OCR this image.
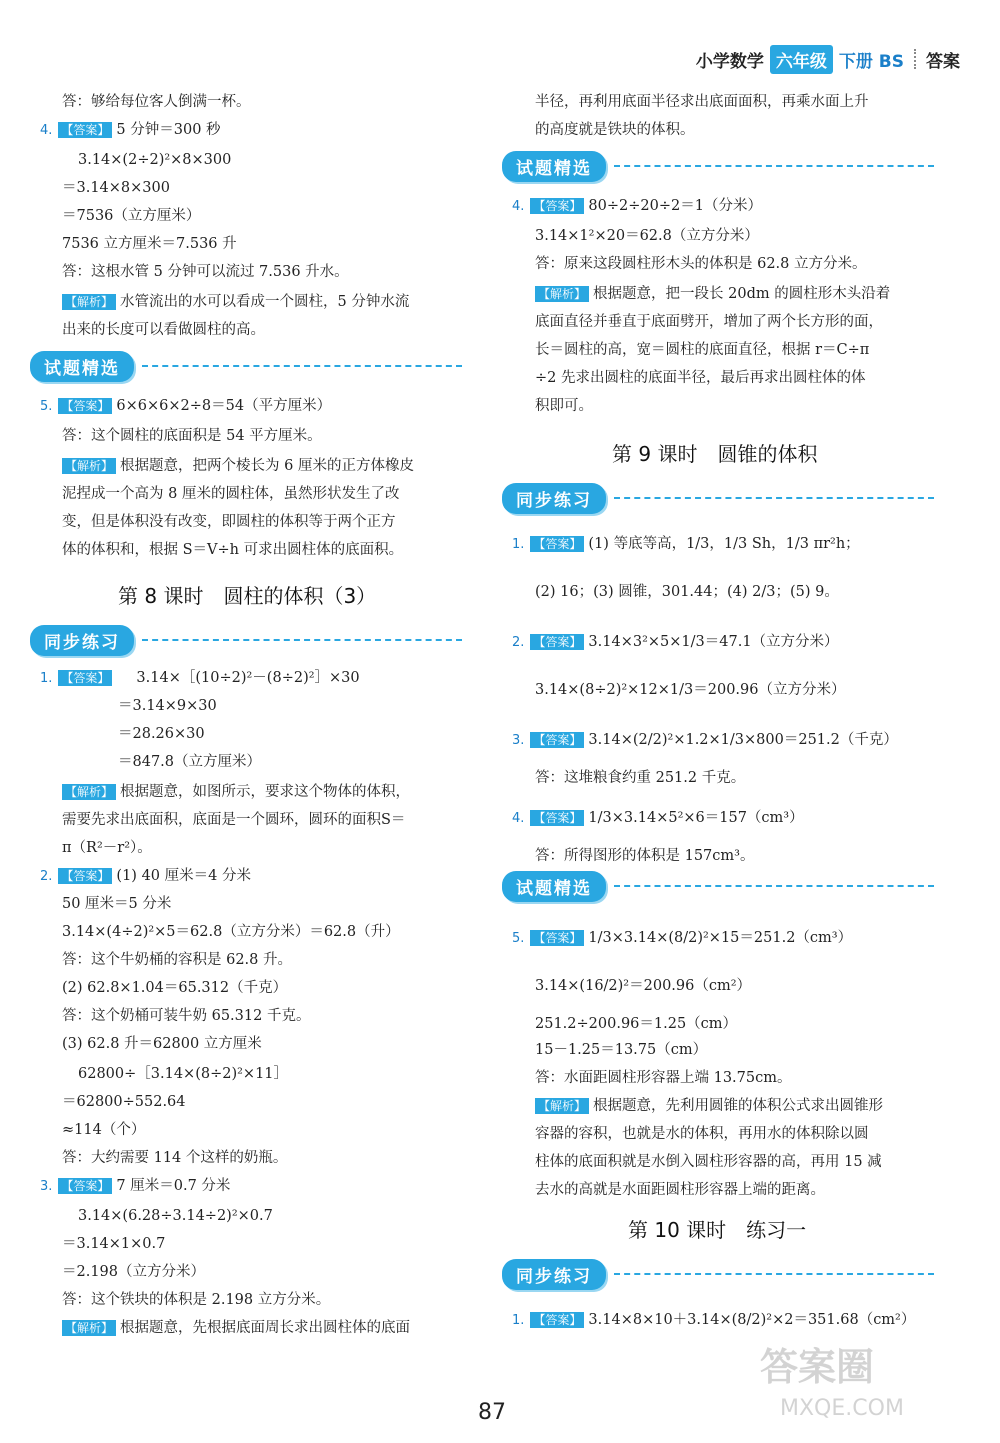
小学数学 六年级 下册 BS 答案
答：够给每位客人倒满一杯。
4. 【答案】 5 分钟＝300 秒
3.14×(2÷2)²×8×300
＝3.14×8×300
＝7536（立方厘米）
7536 立方厘米＝7.536 升
答：这根水管 5 分钟可以流过 7.536 升水。
【解析】 水管流出的水可以看成一个圆柱，5 分钟水流
出来的长度可以看做圆柱的高。
试题精选
5. 【答案】 6×6×6×2÷8＝54（平方厘米）
答：这个圆柱的底面积是 54 平方厘米。
【解析】 根据题意，把两个棱长为 6 厘米的正方体橡皮
泥捏成一个高为 8 厘米的圆柱体，虽然形状发生了改
变，但是体积没有改变，即圆柱的体积等于两个正方
体的体积和，根据 S＝V÷h 可求出圆柱体的底面积。
第 8 课时　圆柱的体积（3）
同步练习
1. 【答案】 3.14×［(10÷2)²－(8÷2)²］×30
＝3.14×9×30
＝28.26×30
＝847.8（立方厘米）
【解析】 根据题意，如图所示，要求这个物体的体积，
需要先求出底面积，底面是一个圆环，圆环的面积S＝
π（R²－r²）。
2. 【答案】 (1) 40 厘米＝4 分米
50 厘米＝5 分米
3.14×(4÷2)²×5＝62.8（立方分米）＝62.8（升）
答：这个牛奶桶的容积是 62.8 升。
(2) 62.8×1.04＝65.312（千克）
答：这个奶桶可装牛奶 65.312 千克。
(3) 62.8 升＝62800 立方厘米
62800÷［3.14×(8÷2)²×11］
＝62800÷552.64
≈114（个）
答：大约需要 114 个这样的奶瓶。
3. 【答案】 7 厘米＝0.7 分米
3.14×(6.28÷3.14÷2)²×0.7
＝3.14×1×0.7
＝2.198（立方分米）
答：这个铁块的体积是 2.198 立方分米。
【解析】 根据题意，先根据底面周长求出圆柱体的底面
半径，再利用底面半径求出底面面积，再乘水面上升
的高度就是铁块的体积。
试题精选
4. 【答案】 80÷2÷20÷2＝1（分米）
3.14×1²×20＝62.8（立方分米）
答：原来这段圆柱形木头的体积是 62.8 立方分米。
【解析】 根据题意，把一段长 20dm 的圆柱形木头沿着
底面直径并垂直于底面劈开，增加了两个长方形的面，
长＝圆柱的高，宽＝圆柱的底面直径，根据 r＝C÷π
÷2 先求出圆柱的底面半径，最后再求出圆柱体的体
积即可。
第 9 课时　圆锥的体积
同步练习
1. 【答案】 (1) 等底等高，1/3，1/3 Sh，1/3 πr²h；
(2) 16；(3) 圆锥，301.44；(4) 2/3；(5) 9。
2. 【答案】 3.14×3²×5×1/3＝47.1（立方分米）
3.14×(8÷2)²×12×1/3＝200.96（立方分米）
3. 【答案】 3.14×(2/2)²×1.2×1/3×800＝251.2（千克）
答：这堆粮食约重 251.2 千克。
4. 【答案】 1/3×3.14×5²×6＝157（cm³）
答：所得图形的体积是 157cm³。
试题精选
5. 【答案】 1/3×3.14×(8/2)²×15＝251.2（cm³）
3.14×(16/2)²＝200.96（cm²）
251.2÷200.96＝1.25（cm）
15－1.25＝13.75（cm）
答：水面距圆柱形容器上端 13.75cm。
【解析】 根据题意，先利用圆锥的体积公式求出圆锥形
容器的容积，也就是水的体积，再用水的体积除以圆
柱体的底面积就是水倒入圆柱形容器的高，再用 15 减
去水的高就是水面距圆柱形容器上端的距离。
第 10 课时　练习一
同步练习
1. 【答案】 3.14×8×10＋3.14×(8/2)²×2＝351.68（cm²）
87
答案圈
MXQE.COM
